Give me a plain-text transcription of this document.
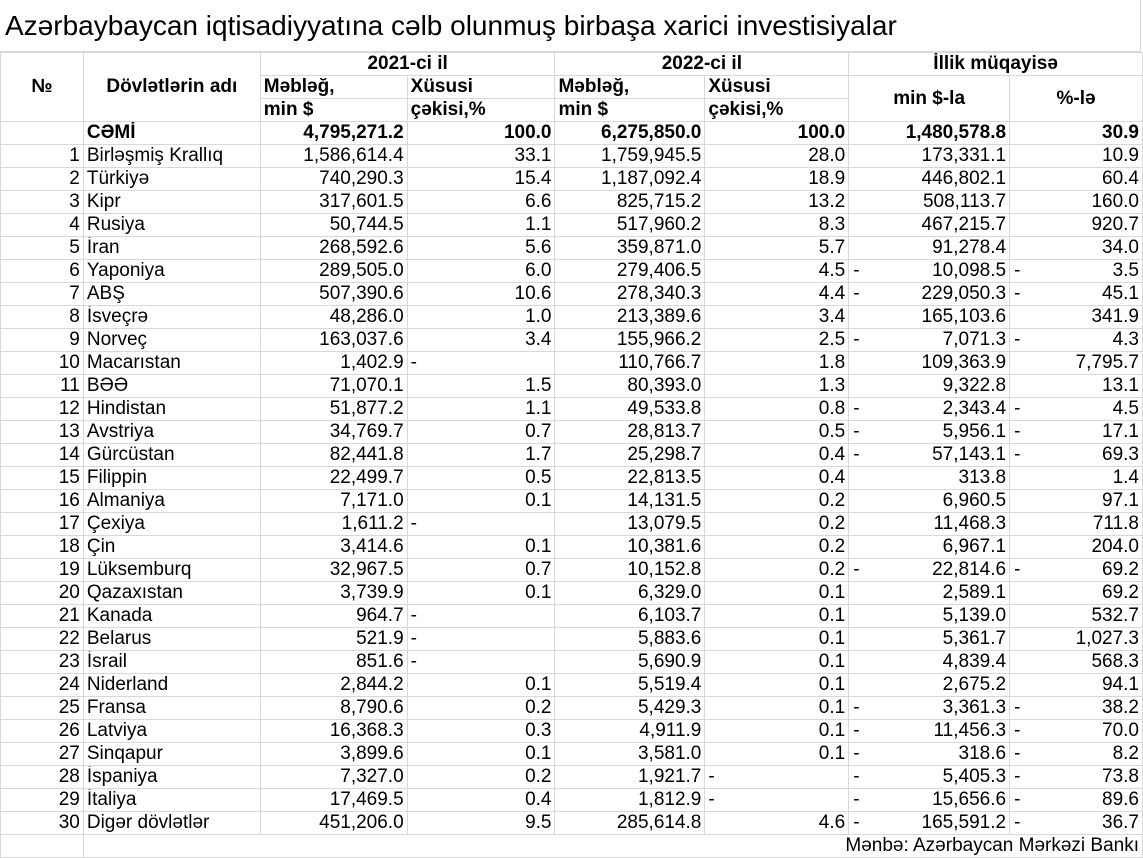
Azərbaybaycan iqtisadiyyatına cəlb olunmuş birbaşa xarici investisiyalar
№	Dövlətlərin adı	2021-ci il		2022-ci il		İllik müqayisə	
		Məbləğ,	Xüsusi	Məbləğ,	Xüsusi	min $-la	%-lə
		min $	çəkisi,%	min $	çəkisi,%		
	CƏMİ	4,795,271.2	100.0	6,275,850.0	100.0	1,480,578.8	30.9
1	Birləşmiş Krallıq	1,586,614.4	33.1	1,759,945.5	28.0	173,331.1	10.9
2	Türkiyə	740,290.3	15.4	1,187,092.4	18.9	446,802.1	60.4
3	Kipr	317,601.5	6.6	825,715.2	13.2	508,113.7	160.0
4	Rusiya	50,744.5	1.1	517,960.2	8.3	467,215.7	920.7
5	İran	268,592.6	5.6	359,871.0	5.7	91,278.4	34.0
6	Yaponiya	289,505.0	6.0	279,406.5	4.5	- 10,098.5	- 3.5
7	ABŞ	507,390.6	10.6	278,340.3	4.4	- 229,050.3	- 45.1
8	İsveçrə	48,286.0	1.0	213,389.6	3.4	165,103.6	341.9
9	Norveç	163,037.6	3.4	155,966.2	2.5	- 7,071.3	- 4.3
10	Macarıstan	1,402.9	-	110,766.7	1.8	109,363.9	7,795.7
11	BƏƏ	71,070.1	1.5	80,393.0	1.3	9,322.8	13.1
12	Hindistan	51,877.2	1.1	49,533.8	0.8	- 2,343.4	- 4.5
13	Avstriya	34,769.7	0.7	28,813.7	0.5	- 5,956.1	- 17.1
14	Gürcüstan	82,441.8	1.7	25,298.7	0.4	- 57,143.1	- 69.3
15	Filippin	22,499.7	0.5	22,813.5	0.4	313.8	1.4
16	Almaniya	7,171.0	0.1	14,131.5	0.2	6,960.5	97.1
17	Çexiya	1,611.2	-	13,079.5	0.2	11,468.3	711.8
18	Çin	3,414.6	0.1	10,381.6	0.2	6,967.1	204.0
19	Lüksemburq	32,967.5	0.7	10,152.8	0.2	- 22,814.6	- 69.2
20	Qazaxıstan	3,739.9	0.1	6,329.0	0.1	2,589.1	69.2
21	Kanada	964.7	-	6,103.7	0.1	5,139.0	532.7
22	Belarus	521.9	-	5,883.6	0.1	5,361.7	1,027.3
23	İsrail	851.6	-	5,690.9	0.1	4,839.4	568.3
24	Niderland	2,844.2	0.1	5,519.4	0.1	2,675.2	94.1
25	Fransa	8,790.6	0.2	5,429.3	0.1	- 3,361.3	- 38.2
26	Latviya	16,368.3	0.3	4,911.9	0.1	- 11,456.3	- 70.0
27	Sinqapur	3,899.6	0.1	3,581.0	0.1	- 318.6	- 8.2
28	İspaniya	7,327.0	0.2	1,921.7	-	- 5,405.3	- 73.8
29	İtaliya	17,469.5	0.4	1,812.9	-	- 15,656.6	- 89.6
30	Digər dövlətlər	451,206.0	9.5	285,614.8	4.6	- 165,591.2	- 36.7
	Mənbə: Azərbaycan Mərkəzi Bankı						
